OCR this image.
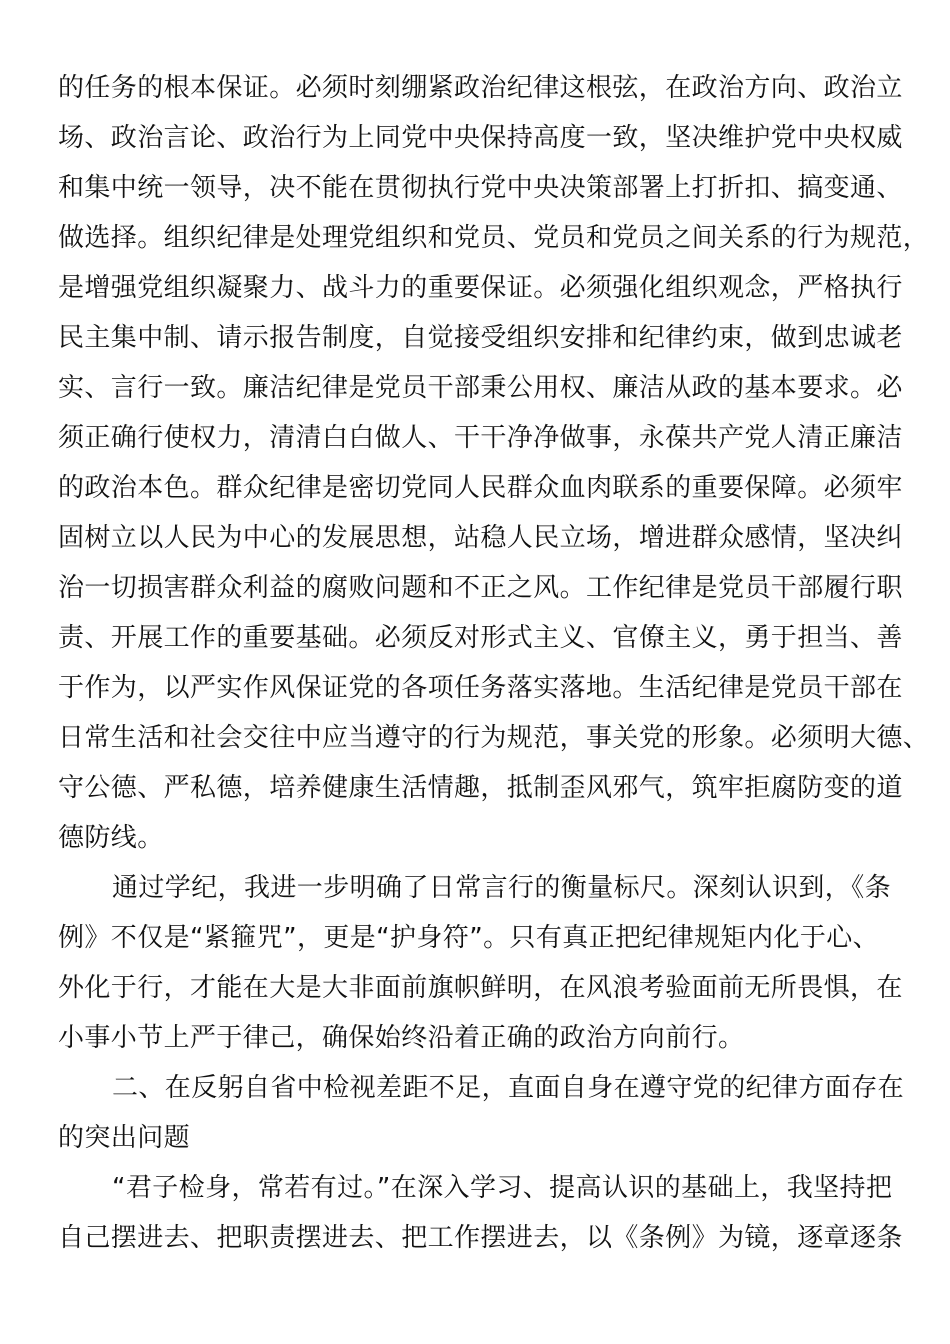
的任务的根本保证。必须时刻绷紧政治纪律这根弦，在政治方向、政治立
场、政治言论、政治行为上同党中央保持高度一致，坚决维护党中央权威
和集中统一领导，决不能在贯彻执行党中央决策部署上打折扣、搞变通、
做选择。组织纪律是处理党组织和党员、党员和党员之间关系的行为规范，
是增强党组织凝聚力、战斗力的重要保证。必须强化组织观念，严格执行
民主集中制、请示报告制度，自觉接受组织安排和纪律约束，做到忠诚老
实、言行一致。廉洁纪律是党员干部秉公用权、廉洁从政的基本要求。必
须正确行使权力，清清白白做人、干干净净做事，永葆共产党人清正廉洁
的政治本色。群众纪律是密切党同人民群众血肉联系的重要保障。必须牢
固树立以人民为中心的发展思想，站稳人民立场，增进群众感情，坚决纠
治一切损害群众利益的腐败问题和不正之风。工作纪律是党员干部履行职
责、开展工作的重要基础。必须反对形式主义、官僚主义，勇于担当、善
于作为，以严实作风保证党的各项任务落实落地。生活纪律是党员干部在
日常生活和社会交往中应当遵守的行为规范，事关党的形象。必须明大德、
守公德、严私德，培养健康生活情趣，抵制歪风邪气，筑牢拒腐防变的道
德防线。
通过学纪，我进一步明确了日常言行的衡量标尺。深刻认识到，《条
例》不仅是“紧箍咒”，更是“护身符”。只有真正把纪律规矩内化于心、
外化于行，才能在大是大非面前旗帜鲜明，在风浪考验面前无所畏惧，在
小事小节上严于律己，确保始终沿着正确的政治方向前行。
二、在反躬自省中检视差距不足，直面自身在遵守党的纪律方面存在
的突出问题
“君子检身，常若有过。”在深入学习、提高认识的基础上，我坚持把
自己摆进去、把职责摆进去、把工作摆进去，以《条例》为镜，逐章逐条
